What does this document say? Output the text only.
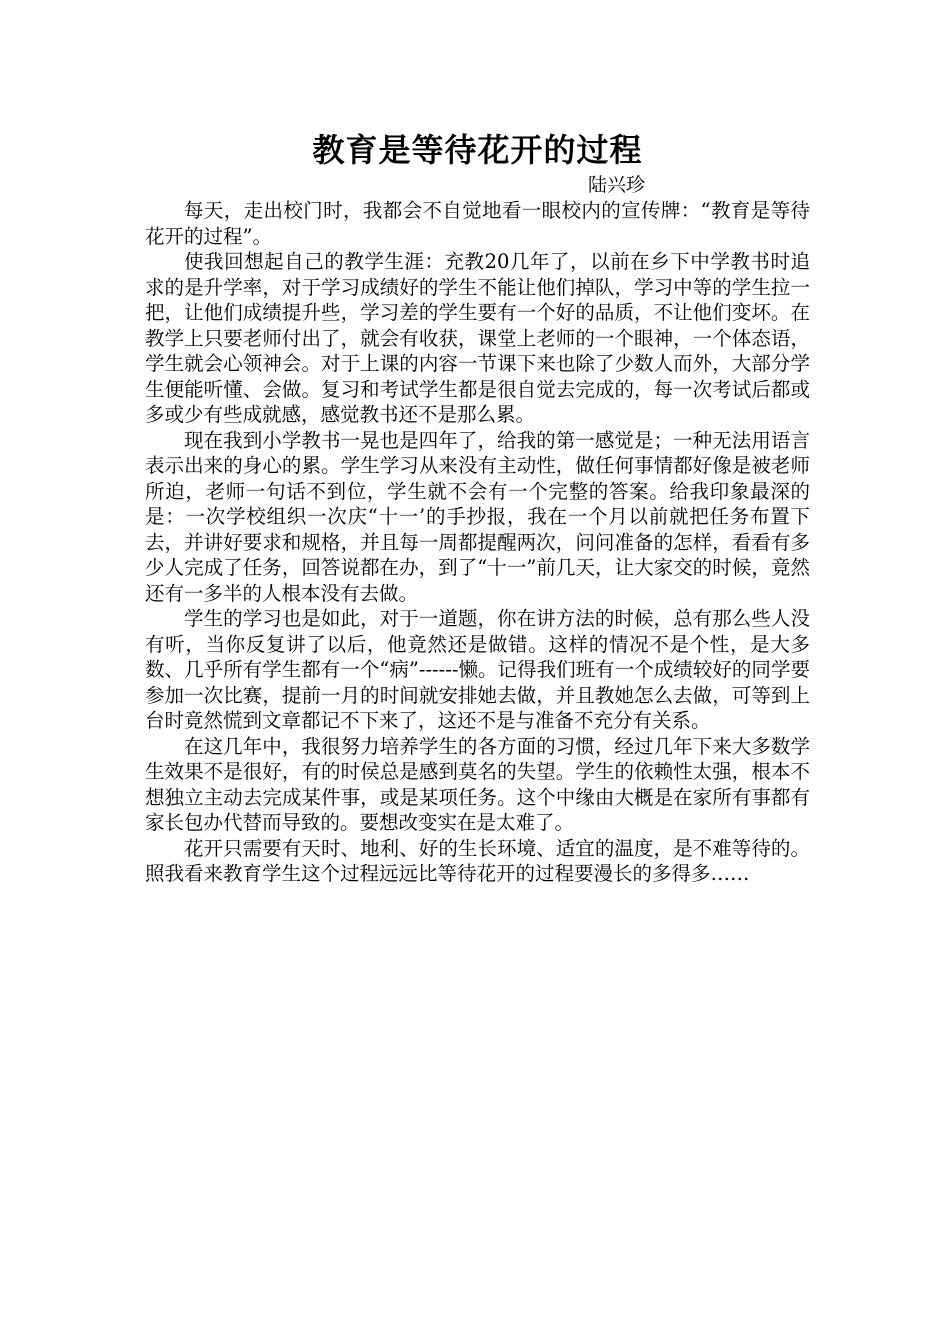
教育是等待花开的过程

陆兴珍

每天，走出校门时，我都会不自觉地看一眼校内的宣传牌：“教育是等待花开的过程”。

使我回想起自己的教学生涯：充教20几年了，以前在乡下中学教书时追求的是升学率，对于学习成绩好的学生不能让他们掉队，学习中等的学生拉一把，让他们成绩提升些，学习差的学生要有一个好的品质，不让他们变坏。在教学上只要老师付出了，就会有收获，课堂上老师的一个眼神，一个体态语，学生就会心领神会。对于上课的内容一节课下来也除了少数人而外，大部分学生便能听懂、会做。复习和考试学生都是很自觉去完成的，每一次考试后都或多或少有些成就感，感觉教书还不是那么累。

现在我到小学教书一晃也是四年了，给我的第一感觉是；一种无法用语言表示出来的身心的累。学生学习从来没有主动性，做任何事情都好像是被老师所迫，老师一句话不到位，学生就不会有一个完整的答案。给我印象最深的是：一次学校组织一次庆“十一’的手抄报，我在一个月以前就把任务布置下去，并讲好要求和规格，并且每一周都提醒两次，问问准备的怎样，看看有多少人完成了任务，回答说都在办，到了“十一”前几天，让大家交的时候，竟然还有一多半的人根本没有去做。

学生的学习也是如此，对于一道题，你在讲方法的时候，总有那么些人没有听，当你反复讲了以后，他竟然还是做错。这样的情况不是个性，是大多数、几乎所有学生都有一个“病”------懒。记得我们班有一个成绩较好的同学要参加一次比赛，提前一月的时间就安排她去做，并且教她怎么去做，可等到上台时竟然慌到文章都记不下来了，这还不是与准备不充分有关系。

在这几年中，我很努力培养学生的各方面的习惯，经过几年下来大多数学生效果不是很好，有的时侯总是感到莫名的失望。学生的依赖性太强，根本不想独立主动去完成某件事，或是某项任务。这个中缘由大概是在家所有事都有家长包办代替而导致的。要想改变实在是太难了。

花开只需要有天时、地利、好的生长环境、适宜的温度，是不难等待的。照我看来教育学生这个过程远远比等待花开的过程要漫长的多得多……
